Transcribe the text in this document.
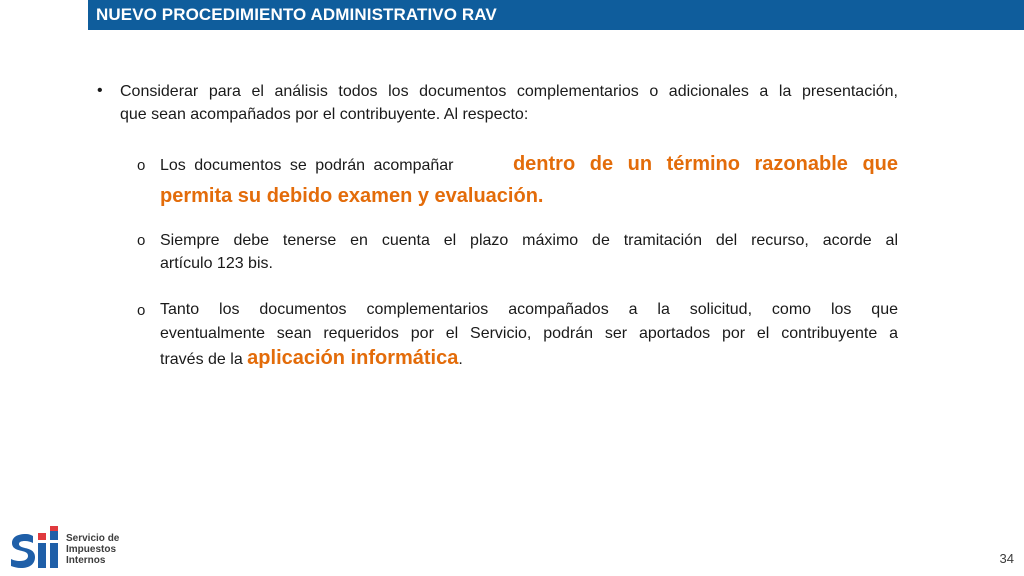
NUEVO PROCEDIMIENTO ADMINISTRATIVO RAV
• Considerar para el análisis todos los documentos complementarios o adicionales a la presentación,
que sean acompañados por el contribuyente. Al respecto:
o Los documentos se podrán acompañar	dentro de un término razonable que
permita su debido examen y evaluación.
o Siempre debe tenerse en cuenta el plazo máximo de tramitación del recurso, acorde al
artículo 123 bis.
o Tanto los documentos complementarios acompañados a la solicitud, como los que
eventualmente sean requeridos por el Servicio, podrán ser aportados por el contribuyente a
través de la aplicación informática.
Sii
Servicio de
Impuestos
Internos	34
